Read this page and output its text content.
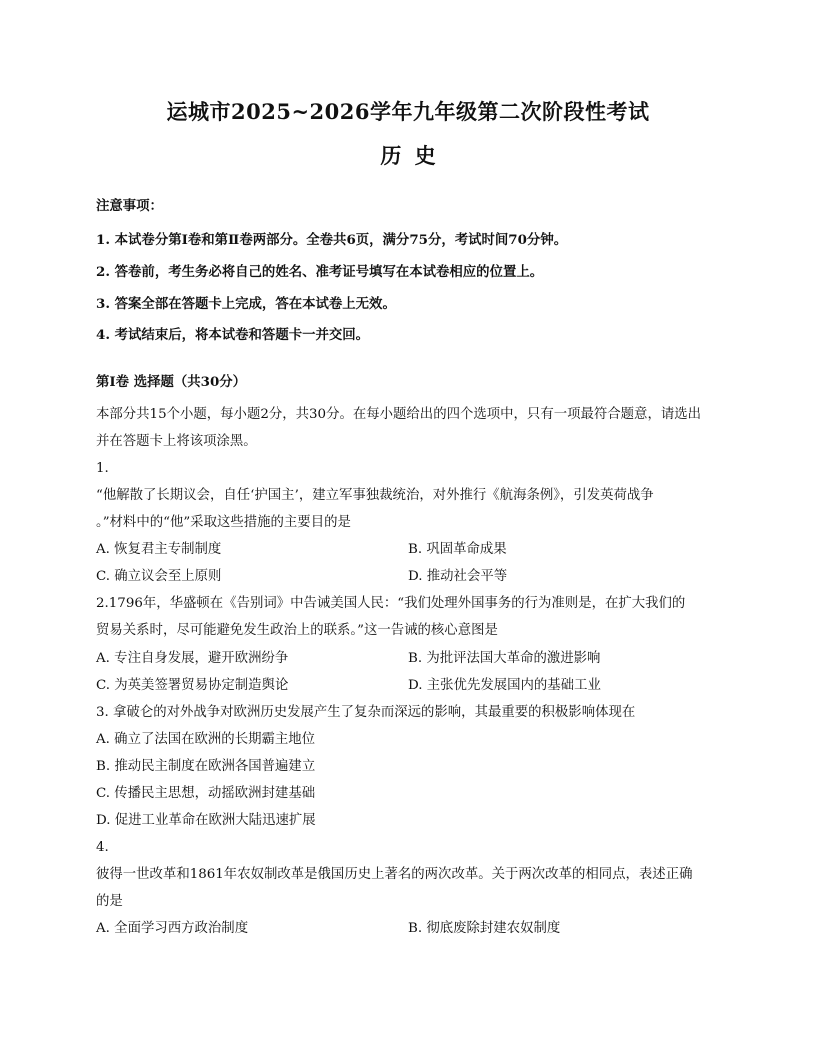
运城市2025~2026学年九年级第二次阶段性考试
历 史
注意事项：
1. 本试卷分第Ⅰ卷和第Ⅱ卷两部分。全卷共6页，满分75分，考试时间70分钟。
2. 答卷前，考生务必将自己的姓名、准考证号填写在本试卷相应的位置上。
3. 答案全部在答题卡上完成，答在本试卷上无效。
4. 考试结束后，将本试卷和答题卡一并交回。
第Ⅰ卷 选择题（共30分）
本部分共15个小题，每小题2分，共30分。在每小题给出的四个选项中，只有一项最符合题意，请选出
并在答题卡上将该项涂黑。
1.
“他解散了长期议会，自任‘护国主’，建立军事独裁统治，对外推行《航海条例》，引发英荷战争
。”材料中的“他”采取这些措施的主要目的是
A. 恢复君主专制制度	B. 巩固革命成果
C. 确立议会至上原则	D. 推动社会平等
2.1796年，华盛顿在《告别词》中告诫美国人民：“我们处理外国事务的行为准则是，在扩大我们的
贸易关系时，尽可能避免发生政治上的联系。”这一告诫的核心意图是
A. 专注自身发展，避开欧洲纷争	B. 为批评法国大革命的激进影响
C. 为英美签署贸易协定制造舆论	D. 主张优先发展国内的基础工业
3. 拿破仑的对外战争对欧洲历史发展产生了复杂而深远的影响，其最重要的积极影响体现在
A. 确立了法国在欧洲的长期霸主地位
B. 推动民主制度在欧洲各国普遍建立
C. 传播民主思想，动摇欧洲封建基础
D. 促进工业革命在欧洲大陆迅速扩展
4.
彼得一世改革和1861年农奴制改革是俄国历史上著名的两次改革。关于两次改革的相同点，表述正确
的是
A. 全面学习西方政治制度	B. 彻底废除封建农奴制度
